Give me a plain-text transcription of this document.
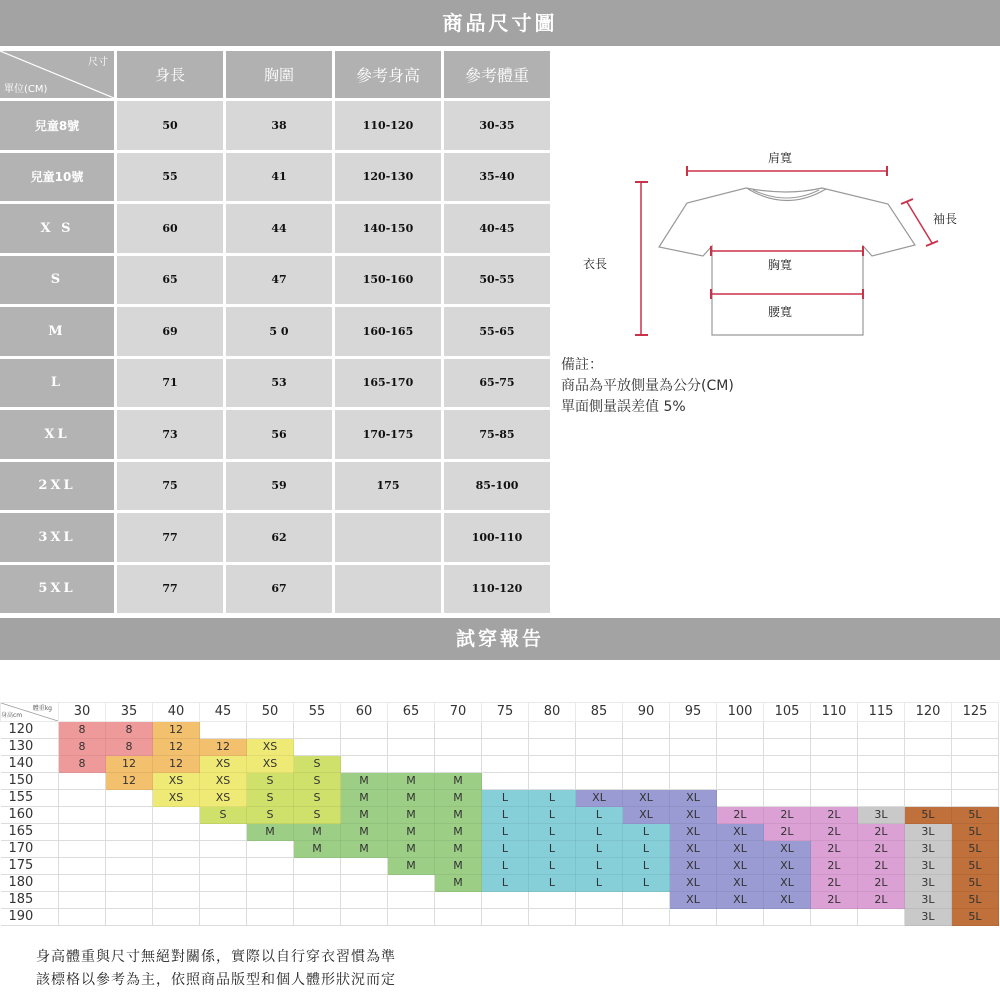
商品尺寸圖
尺寸
單位(CM)	身長	胸圍	參考身高	參考體重
兒童8號	50	38	110-120	30-35
兒童10號	55	41	120-130	35-40
X S	60	44	140-150	40-45
S	65	47	150-160	50-55
M	69	5 0	160-165	55-65
L	71	53	165-170	65-75
XL	73	56	170-175	75-85
2XL	75	59	175	85-100
3XL	77	62		100-110
5XL	77	67		110-120
肩寬
袖長
衣長	胸寬
腰寬
備註：
商品為平放側量為公分(CM)
單面側量誤差值 5%
試穿報告
體重kg
身高cm	30	35	40	45	50	55	60	65	70	75	80	85	90	95	100	105	110	115	120	125
120	8	8	12																	
130	8	8	12	12	XS															
140	8	12	12	XS	XS	S														
150		12	XS	XS	S	S	M	M	M											
155			XS	XS	S	S	M	M	M	L	L	XL	XL	XL						
160				S	S	S	M	M	M	L	L	L	XL	XL	2L	2L	2L	3L	5L	5L
165					M	M	M	M	M	L	L	L	L	XL	XL	2L	2L	2L	3L	5L
170						M	M	M	M	L	L	L	L	XL	XL	XL	2L	2L	3L	5L
175								M	M	L	L	L	L	XL	XL	XL	2L	2L	3L	5L
180									M	L	L	L	L	XL	XL	XL	2L	2L	3L	5L
185														XL	XL	XL	2L	2L	3L	5L
190																			3L	5L
身高體重與尺寸無絕對關係，實際以自行穿衣習慣為準
該標格以參考為主，依照商品版型和個人體形狀況而定
